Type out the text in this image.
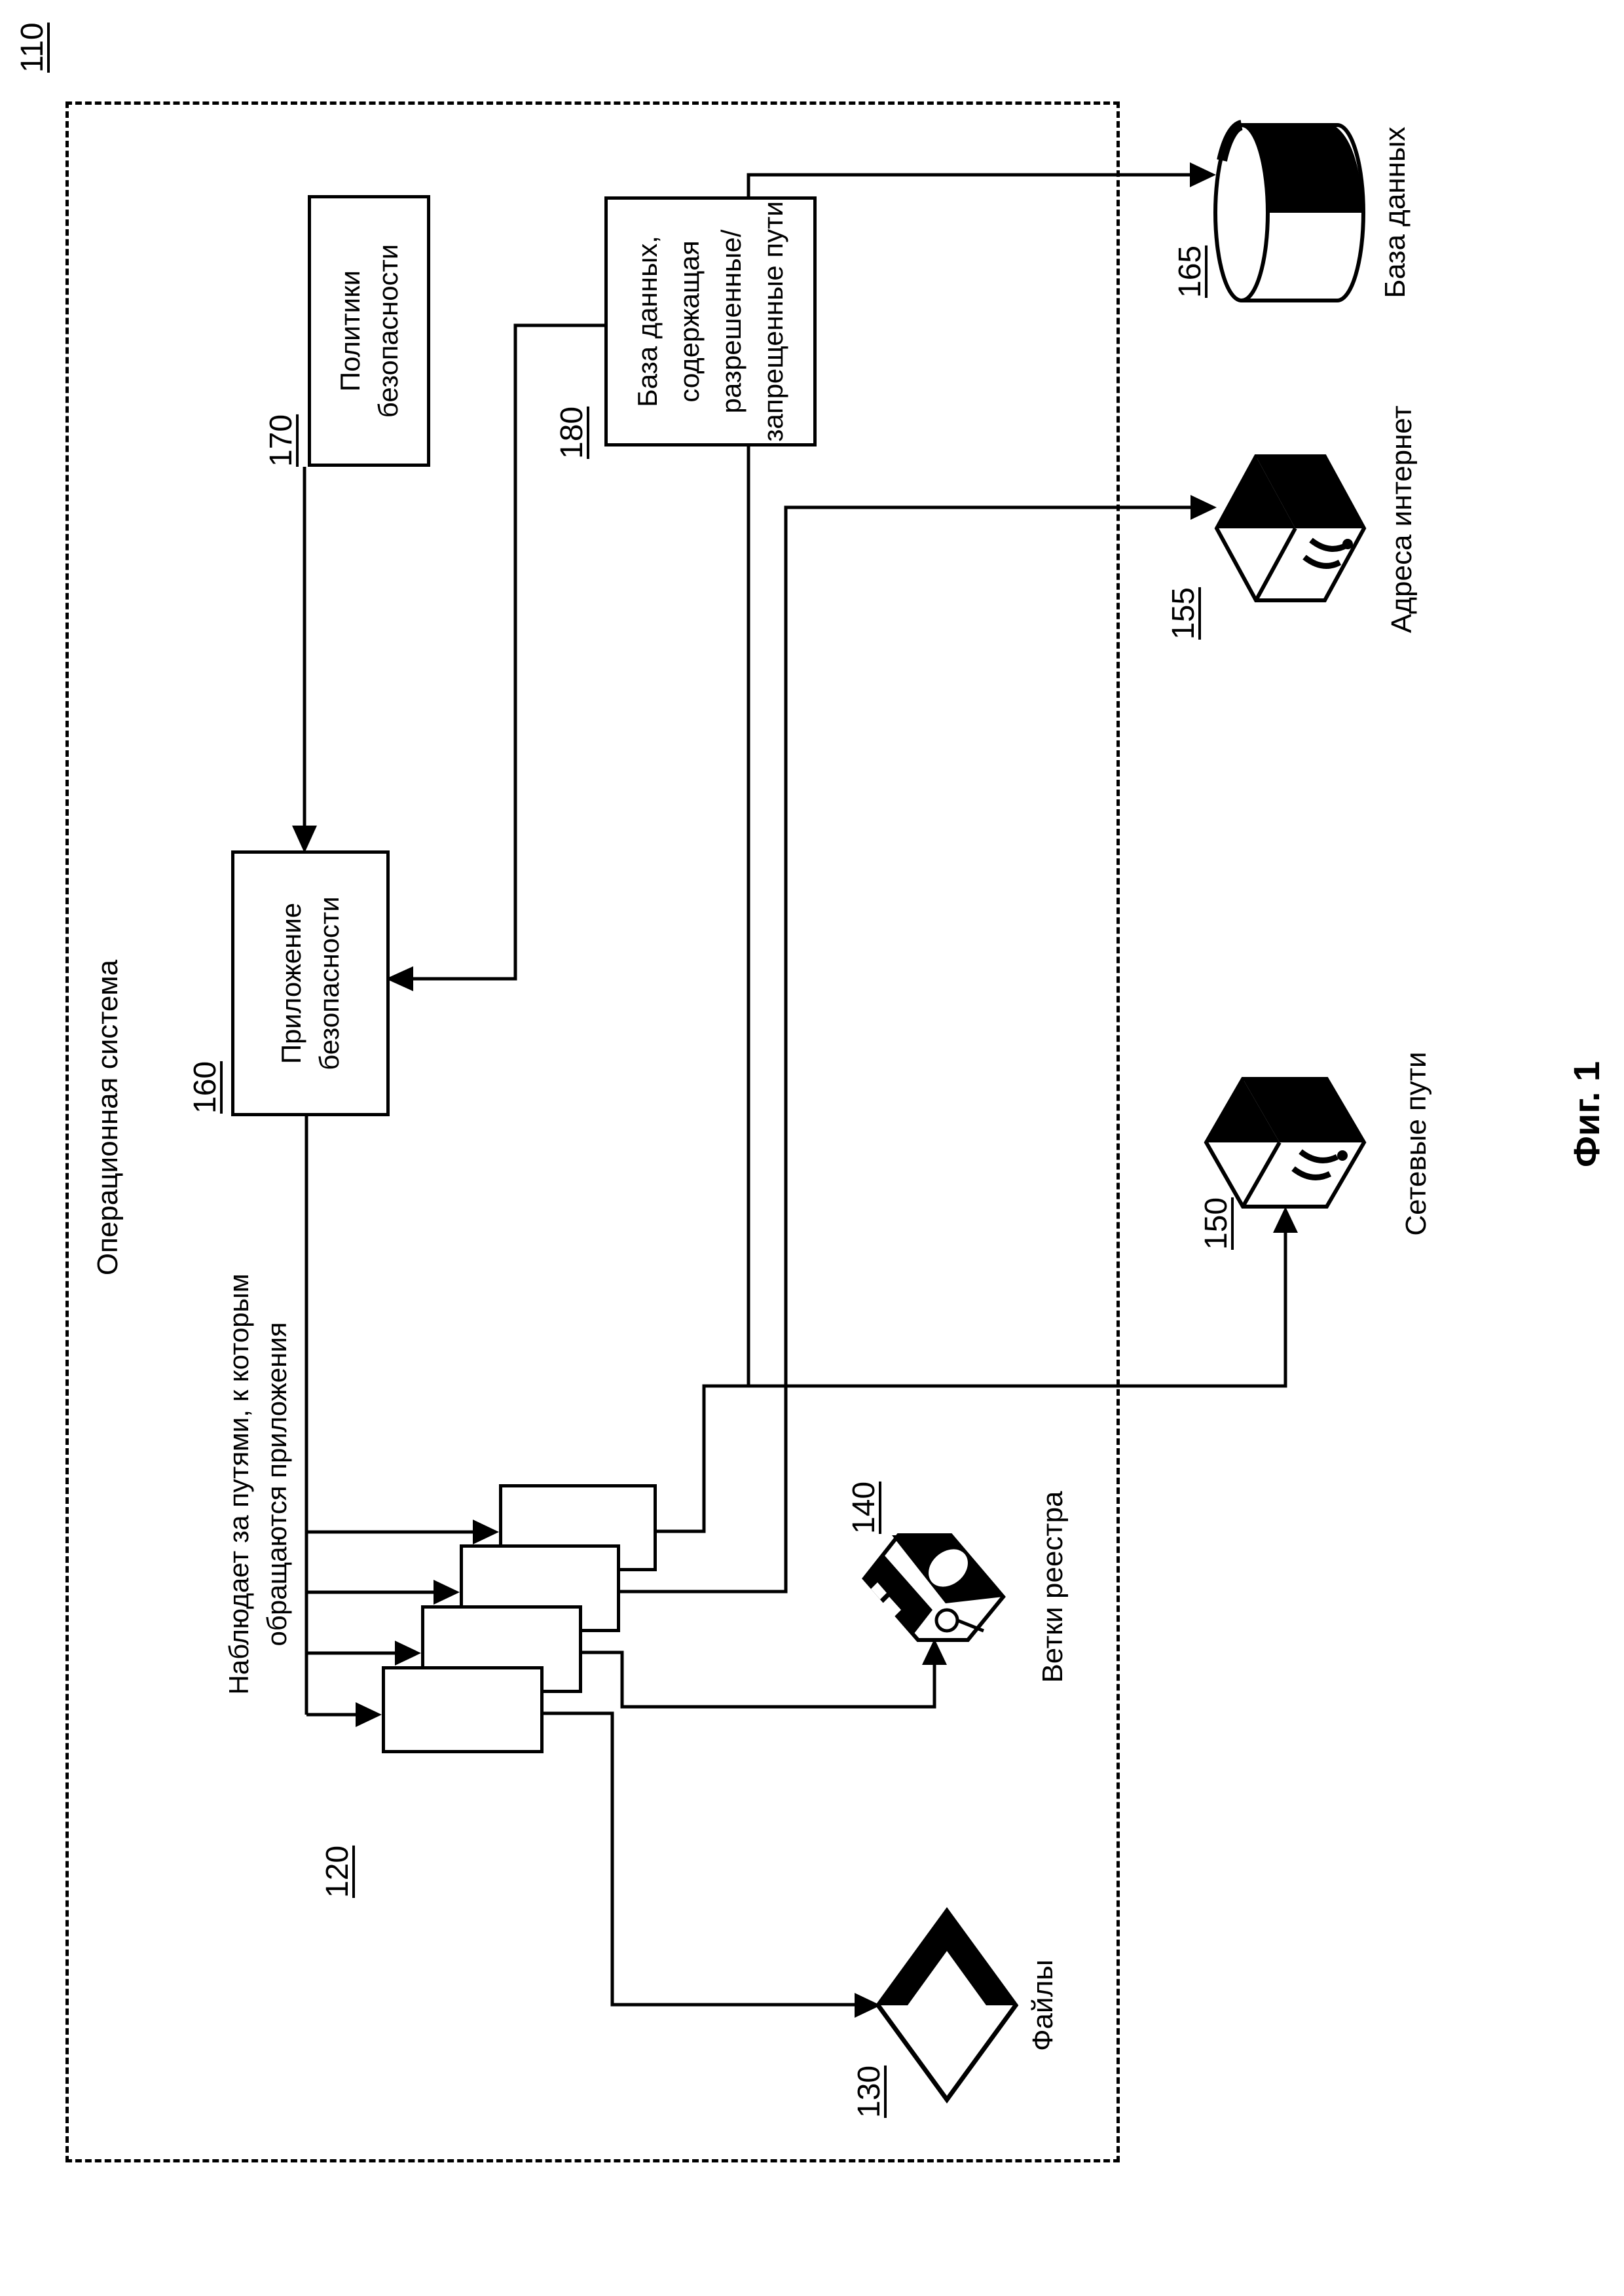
110
Операционная система 160
Приложение безопасности
170
Политики безопасности
180
База данных, содержащая разрешенные/ запрещенные пути
Наблюдает за путями, к которым обращаются приложения
120
130
Файлы
140	Ветки реестра
150	Сетевые пути
155	Адреса интернет
165	База данных
Фиг. 1
